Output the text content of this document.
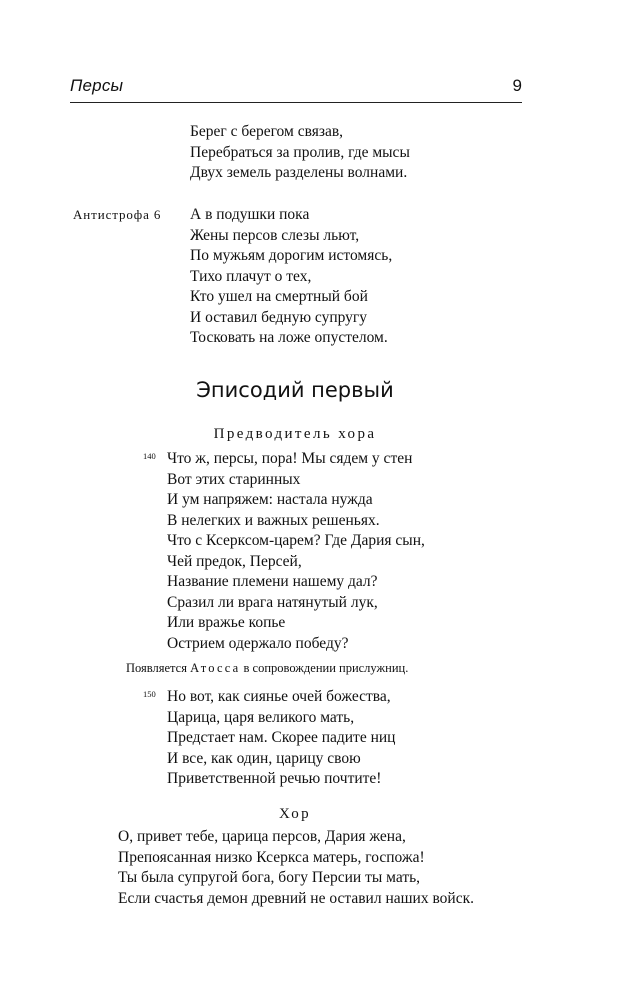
Персы	9
Берег с берегом связав,
Перебраться за пролив, где мысы
Двух земель разделены волнами.
Антистрофа 6 А в подушки пока
Жены персов слезы льют,
По мужьям дорогим истомясь,
Тихо плачут о тех,
Кто ушел на смертный бой
И оставил бедную супругу
Тосковать на ложе опустелом.
Эписодий первый
Предводитель хора
140 Что ж, персы, пора! Мы сядем у стен
Вот этих старинных
И ум напряжем: настала нужда
В нелегких и важных решеньях.
Что с Ксерксом-царем? Где Дария сын,
Чей предок, Персей,
Название племени нашему дал?
Сразил ли врага натянутый лук,
Или вражье копье
Острием одержало победу?
Появляется Атосса в сопровождении прислужниц.
150 Но вот, как сиянье очей божества,
Царица, царя великого мать,
Предстает нам. Скорее падите ниц
И все, как один, царицу свою
Приветственной речью почтите!
Хор
О, привет тебе, царица персов, Дария жена,
Препоясанная низко Ксеркса матерь, госпожа!
Ты была супругой бога, богу Персии ты мать,
Если счастья демон древний не оставил наших войск.
